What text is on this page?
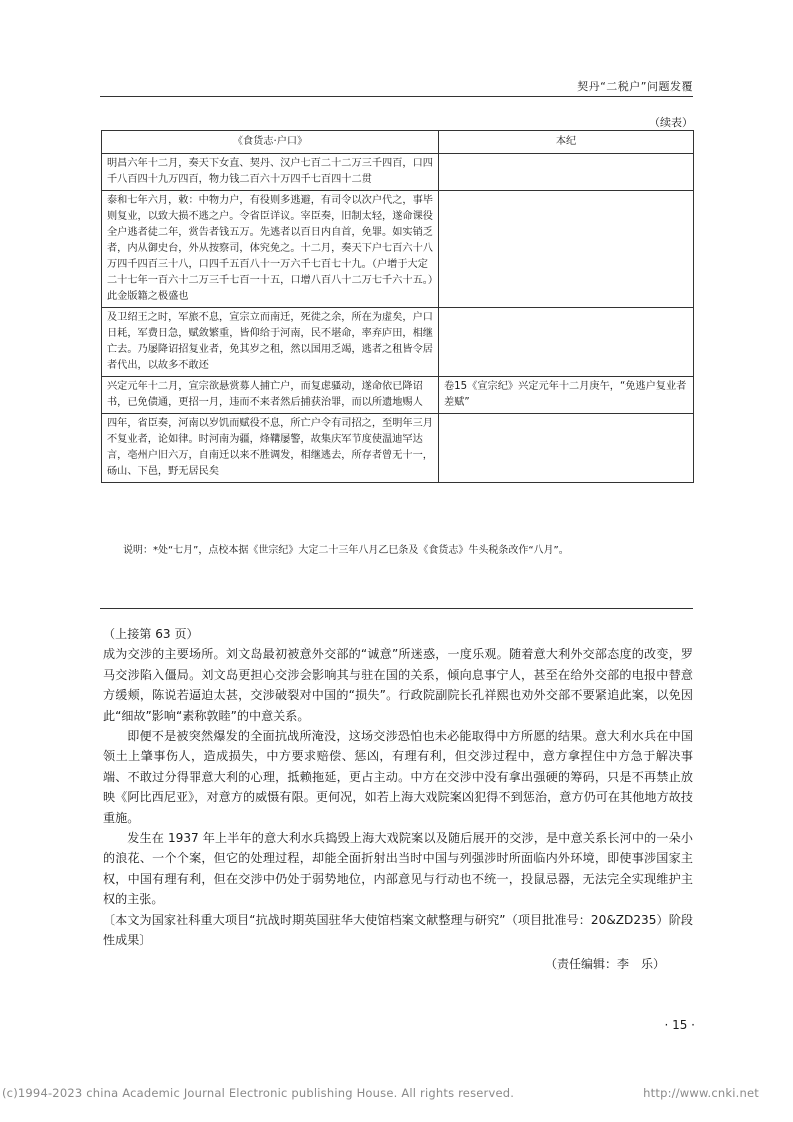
契丹“二税户”问题发覆
（续表）
《食货志·户口》	本纪
明昌六年十二月，奏天下女直、契丹、汉户七百二十二万三千四百，口四千八百四十九万四百，物力钱二百六十万四千七百四十二贯	
泰和七年六月，敕：中物力户，有役则多逃避，有司令以次户代之，事毕则复业，以致大损不逃之户。令省臣详议。宰臣奏，旧制太轻，遂命课役全户逃者徒二年，赏告者钱五万。先逃者以百日内自首，免罪。如实销乏者，内从御史台，外从按察司，体究免之。十二月，奏天下户七百六十八万四千四百三十八，口四千五百八十一万六千七百七十九。（户增于大定二十七年一百六十二万三千七百一十五，口增八百八十二万七千六十五。）此金版籍之极盛也	
及卫绍王之时，军旅不息，宣宗立而南迁，死徙之余，所在为虚矣，户口日耗，军费日急，赋敛繁重，皆仰给于河南，民不堪命，率弃庐田，相继亡去。乃屡降诏招复业者，免其岁之租，然以国用乏竭，逃者之租皆令居者代出，以故多不敢还	
兴定元年十二月，宣宗欲悬赏募人捕亡户，而复虑骚动，遂命依已降诏书，已免债通，更招一月，违而不来者然后捕获治罪，而以所遗地赐人	卷15《宣宗纪》兴定元年十二月庚午，“免逃户复业者差赋”
四年，省臣奏，河南以岁饥而赋役不息，所亡户令有司招之，至明年三月不复业者，论如律。时河南为疆，烽鞲屡警，故集庆军节度使温迪罕达言，亳州户旧六万，自南迁以来不胜调发，相继逃去，所存者曾无十一，砀山、下邑，野无居民矣	
说明：*处“七月”，点校本据《世宗纪》大定二十三年八月乙巳条及《食货志》牛头税条改作“八月”。

（上接第 63 页）

成为交涉的主要场所。刘文岛最初被意外交部的“诚意”所迷惑，一度乐观。随着意大利外交部态度的改变，罗马交涉陷入僵局。刘文岛更担心交涉会影响其与驻在国的关系，倾向息事宁人，甚至在给外交部的电报中替意方缓颊，陈说若逼迫太甚，交涉破裂对中国的“损失”。行政院副院长孔祥熙也劝外交部不要紧追此案，以免因此“细故”影响“素称敦睦”的中意关系。

即便不是被突然爆发的全面抗战所淹没，这场交涉恐怕也未必能取得中方所愿的结果。意大利水兵在中国领土上肇事伤人，造成损失，中方要求赔偿、惩凶，有理有利，但交涉过程中，意方拿捏住中方急于解决事端、不敢过分得罪意大利的心理，抵赖拖延，更占主动。中方在交涉中没有拿出强硬的筹码，只是不再禁止放映《阿比西尼亚》，对意方的威慑有限。更何况，如若上海大戏院案凶犯得不到惩治，意方仍可在其他地方故技重施。

发生在 1937 年上半年的意大利水兵捣毁上海大戏院案以及随后展开的交涉，是中意关系长河中的一朵小的浪花、一个个案，但它的处理过程，却能全面折射出当时中国与列强涉时所面临内外环境，即使事涉国家主权，中国有理有利，但在交涉中仍处于弱势地位，内部意见与行动也不统一，投鼠忌器，无法完全实现维护主权的主张。

〔本文为国家社科重大项目“抗战时期英国驻华大使馆档案文献整理与研究”（项目批准号：20&ZD235）阶段性成果〕

（责任编辑：李　乐）
· 15 ·
(c)1994-2023 china Academic Journal Electronic publishing House. All rights reserved.	http://www.cnki.net
